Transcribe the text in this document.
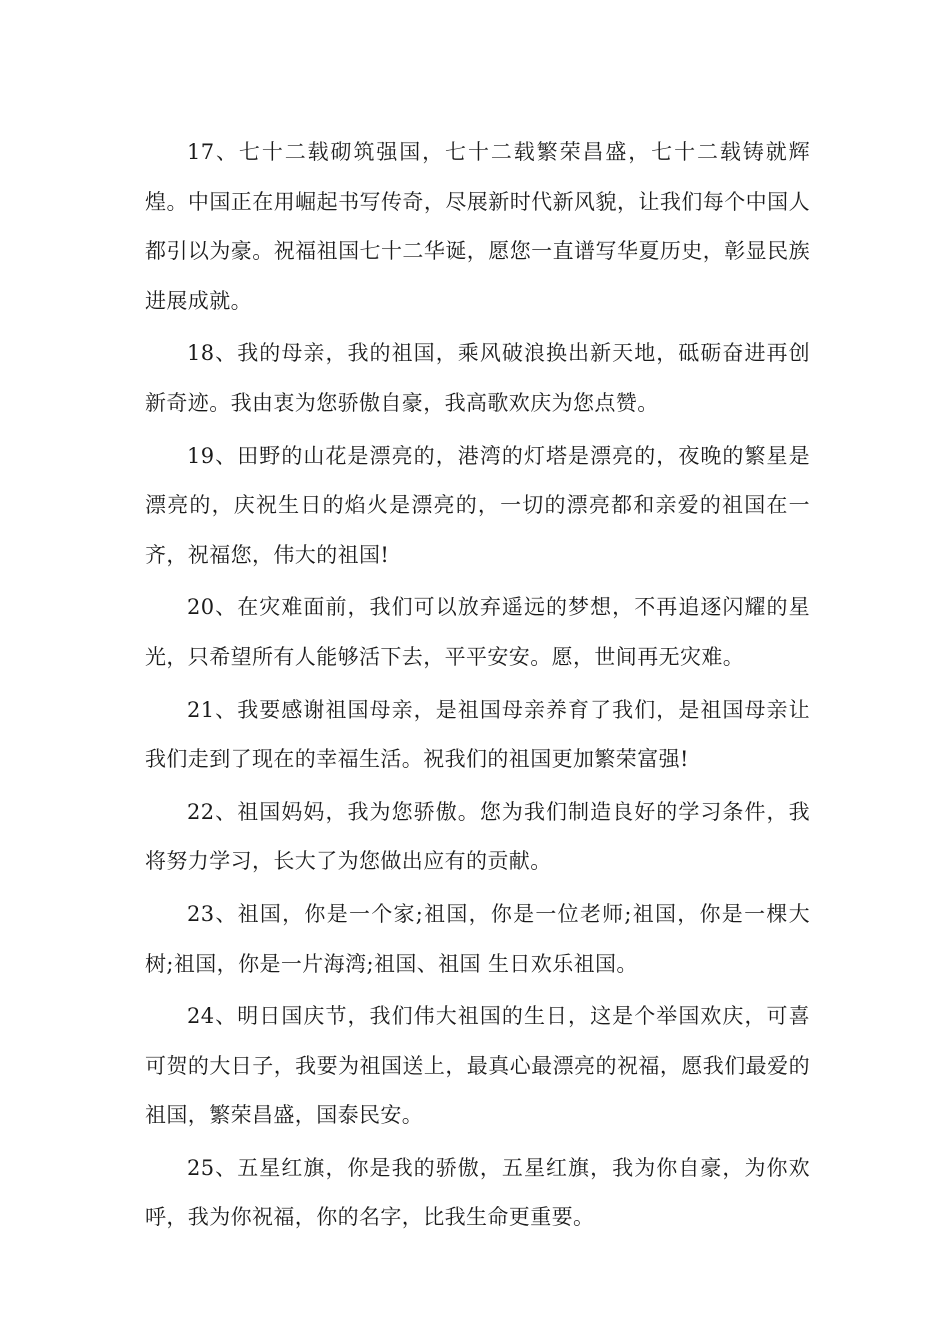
17、七十二载砌筑强国，七十二载繁荣昌盛，七十二载铸就辉煌。中国正在用崛起书写传奇，尽展新时代新风貌，让我们每个中国人都引以为豪。祝福祖国七十二华诞，愿您一直谱写华夏历史，彰显民族进展成就。

18、我的母亲，我的祖国，乘风破浪换出新天地，砥砺奋进再创新奇迹。我由衷为您骄傲自豪，我高歌欢庆为您点赞。

19、田野的山花是漂亮的，港湾的灯塔是漂亮的，夜晚的繁星是漂亮的，庆祝生日的焰火是漂亮的，一切的漂亮都和亲爱的祖国在一齐，祝福您，伟大的祖国!

20、在灾难面前，我们可以放弃遥远的梦想，不再追逐闪耀的星光，只希望所有人能够活下去，平平安安。愿，世间再无灾难。

21、我要感谢祖国母亲，是祖国母亲养育了我们，是祖国母亲让我们走到了现在的幸福生活。祝我们的祖国更加繁荣富强!

22、祖国妈妈，我为您骄傲。您为我们制造良好的学习条件，我将努力学习，长大了为您做出应有的贡献。

23、祖国，你是一个家;祖国，你是一位老师;祖国，你是一棵大树;祖国，你是一片海湾;祖国、祖国 生日欢乐祖国。

24、明日国庆节，我们伟大祖国的生日，这是个举国欢庆，可喜可贺的大日子，我要为祖国送上，最真心最漂亮的祝福，愿我们最爱的祖国，繁荣昌盛，国泰民安。

25、五星红旗，你是我的骄傲，五星红旗，我为你自豪，为你欢呼，我为你祝福，你的名字，比我生命更重要。
